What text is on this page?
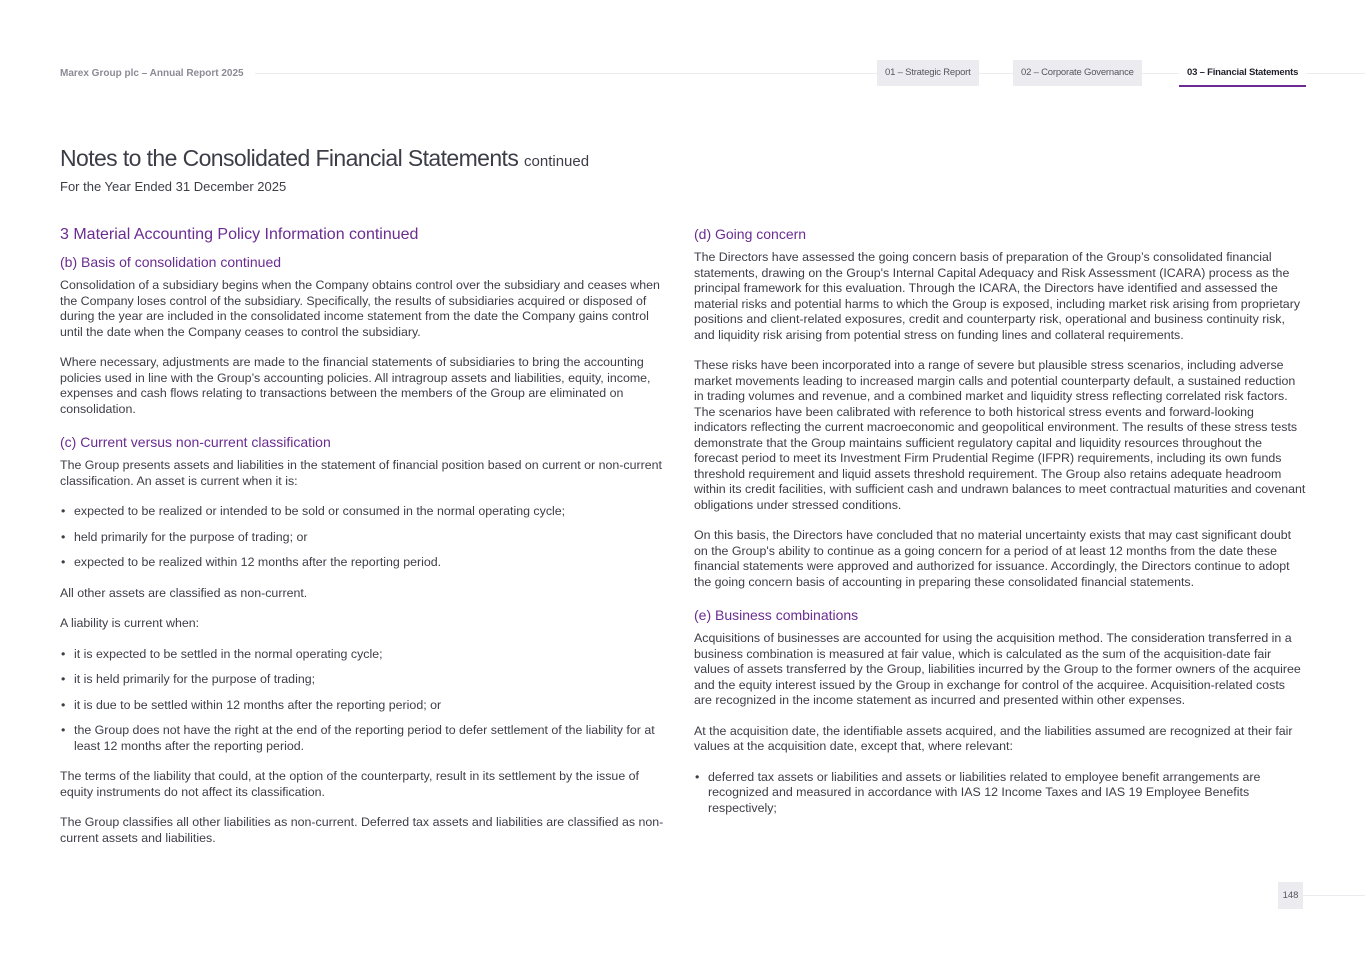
Marex Group plc – Annual Report 2025	01 – Strategic Report	02 – Corporate Governance	03 – Financial Statements
Notes to the Consolidated Financial Statements continued
For the Year Ended 31 December 2025
3 Material Accounting Policy Information continued
(b) Basis of consolidation continued

Consolidation of a subsidiary begins when the Company obtains control over the subsidiary and ceases when the Company loses control of the subsidiary. Specifically, the results of subsidiaries acquired or disposed of during the year are included in the consolidated income statement from the date the Company gains control until the date when the Company ceases to control the subsidiary.

Where necessary, adjustments are made to the financial statements of subsidiaries to bring the accounting policies used in line with the Group’s accounting policies. All intragroup assets and liabilities, equity, income, expenses and cash flows relating to transactions between the members of the Group are eliminated on consolidation.

(c) Current versus non-current classification

The Group presents assets and liabilities in the statement of financial position based on current or non-current classification. An asset is current when it is:

• expected to be realized or intended to be sold or consumed in the normal operating cycle;
• held primarily for the purpose of trading; or
• expected to be realized within 12 months after the reporting period.

All other assets are classified as non-current.

A liability is current when:

• it is expected to be settled in the normal operating cycle;
• it is held primarily for the purpose of trading;
• it is due to be settled within 12 months after the reporting period; or
• the Group does not have the right at the end of the reporting period to defer settlement of the liability for at least 12 months after the reporting period.

The terms of the liability that could, at the option of the counterparty, result in its settlement by the issue of equity instruments do not affect its classification.

The Group classifies all other liabilities as non-current. Deferred tax assets and liabilities are classified as non-current assets and liabilities.

(d) Going concern

The Directors have assessed the going concern basis of preparation of the Group’s consolidated financial statements, drawing on the Group's Internal Capital Adequacy and Risk Assessment (ICARA) process as the principal framework for this evaluation. Through the ICARA, the Directors have identified and assessed the material risks and potential harms to which the Group is exposed, including market risk arising from proprietary positions and client-related exposures, credit and counterparty risk, operational and business continuity risk, and liquidity risk arising from potential stress on funding lines and collateral requirements.

These risks have been incorporated into a range of severe but plausible stress scenarios, including adverse market movements leading to increased margin calls and potential counterparty default, a sustained reduction in trading volumes and revenue, and a combined market and liquidity stress reflecting correlated risk factors. The scenarios have been calibrated with reference to both historical stress events and forward-looking indicators reflecting the current macroeconomic and geopolitical environment. The results of these stress tests demonstrate that the Group maintains sufficient regulatory capital and liquidity resources throughout the forecast period to meet its Investment Firm Prudential Regime (IFPR) requirements, including its own funds threshold requirement and liquid assets threshold requirement. The Group also retains adequate headroom within its credit facilities, with sufficient cash and undrawn balances to meet contractual maturities and covenant obligations under stressed conditions.

On this basis, the Directors have concluded that no material uncertainty exists that may cast significant doubt on the Group's ability to continue as a going concern for a period of at least 12 months from the date these financial statements were approved and authorized for issuance. Accordingly, the Directors continue to adopt the going concern basis of accounting in preparing these consolidated financial statements.

(e) Business combinations

Acquisitions of businesses are accounted for using the acquisition method. The consideration transferred in a business combination is measured at fair value, which is calculated as the sum of the acquisition-date fair values of assets transferred by the Group, liabilities incurred by the Group to the former owners of the acquiree and the equity interest issued by the Group in exchange for control of the acquiree. Acquisition-related costs are recognized in the income statement as incurred and presented within other expenses.

At the acquisition date, the identifiable assets acquired, and the liabilities assumed are recognized at their fair values at the acquisition date, except that, where relevant:

• deferred tax assets or liabilities and assets or liabilities related to employee benefit arrangements are recognized and measured in accordance with IAS 12 Income Taxes and IAS 19 Employee Benefits respectively;
148
